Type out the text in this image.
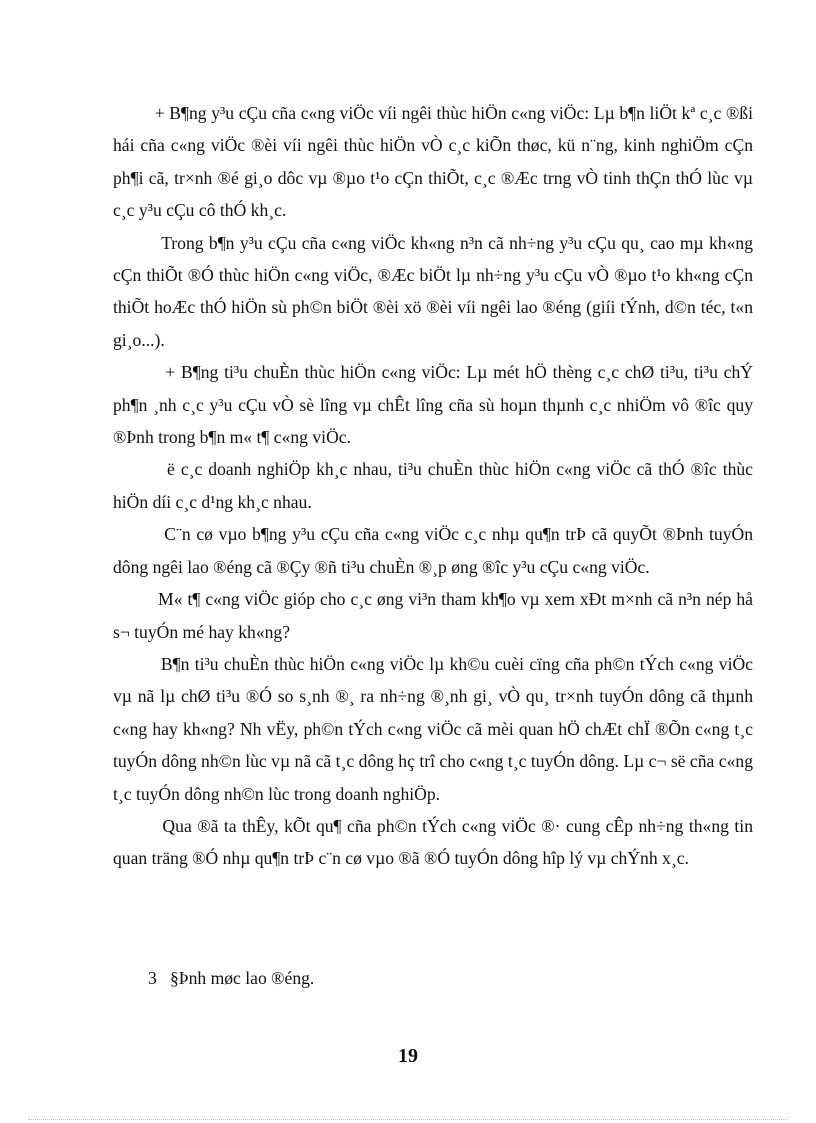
+ B¶ng y³u cÇu cña c«ng viÖc víi ngêi thùc hiÖn c«ng viÖc: Lµ b¶n liÖt kª c¸c ®ßi hái cña c«ng viÖc ®èi víi ngêi thùc hiÖn vÒ c¸c kiÕn thøc, kü n¨ng, kinh nghiÖm cÇn ph¶i cã, tr×nh ®é gi¸o dôc vµ ®µo t¹o cÇn thiÕt, c¸c ®Æc trng vÒ tinh thÇn thÓ lùc vµ c¸c y³u cÇu cô thÓ kh¸c.

Trong b¶n y³u cÇu cña c«ng viÖc kh«ng n³n cã nh÷ng y³u cÇu qu¸ cao mµ kh«ng cÇn thiÕt ®Ó thùc hiÖn c«ng viÖc, ®Æc biÖt lµ nh÷ng y³u cÇu vÒ ®µo t¹o kh«ng cÇn thiÕt hoÆc thÓ hiÖn sù ph©n biÖt ®èi xö ®èi víi ngêi lao ®éng (giíi tÝnh, d©n téc, t«n gi¸o...).

+ B¶ng ti³u chuÈn thùc hiÖn c«ng viÖc: Lµ mét hÖ thèng c¸c chØ ti³u, ti³u chÝ ph¶n ¸nh c¸c y³u cÇu vÒ sè lîng vµ chÊt lîng cña sù hoµn thµnh c¸c nhiÖm vô ®îc quy ®Þnh trong b¶n m« t¶ c«ng viÖc.

ë c¸c doanh nghiÖp kh¸c nhau, ti³u chuÈn thùc hiÖn c«ng viÖc cã thÓ ®îc thùc hiÖn díi c¸c d¹ng kh¸c nhau.

C¨n cø vµo b¶ng y³u cÇu cña c«ng viÖc c¸c nhµ qu¶n trÞ cã quyÕt ®Þnh tuyÓn dông ngêi lao ®éng cã ®Çy ®ñ ti³u chuÈn ®¸p øng ®îc y³u cÇu c«ng viÖc.

M« t¶ c«ng viÖc gióp cho c¸c øng vi³n tham kh¶o vµ xem xÐt m×nh cã n³n nép hå s¬ tuyÓn mé hay kh«ng?

B¶n ti³u chuÈn thùc hiÖn c«ng viÖc lµ kh©u cuèi cïng cña ph©n tÝch c«ng viÖc vµ nã lµ chØ ti³u ®Ó so s¸nh ®¸ ra nh÷ng ®¸nh gi¸ vÒ qu¸ tr×nh tuyÓn dông cã thµnh c«ng hay kh«ng? Nh vËy, ph©n tÝch c«ng viÖc cã mèi quan hÖ chÆt chÏ ®Õn c«ng t¸c tuyÓn dông nh©n lùc vµ nã cã t¸c dông hç trî cho c«ng t¸c tuyÓn dông. Lµ c¬ së cña c«ng t¸c tuyÓn dông nh©n lùc trong doanh nghiÖp.

Qua ®ã ta thÊy, kÕt qu¶ cña ph©n tÝch c«ng viÖc ®· cung cÊp nh÷ng th«ng tin quan träng ®Ó nhµ qu¶n trÞ c¨n cø vµo ®ã ®Ó tuyÓn dông hîp lý vµ chÝnh x¸c.

3   §Þnh møc lao ®éng.
19
